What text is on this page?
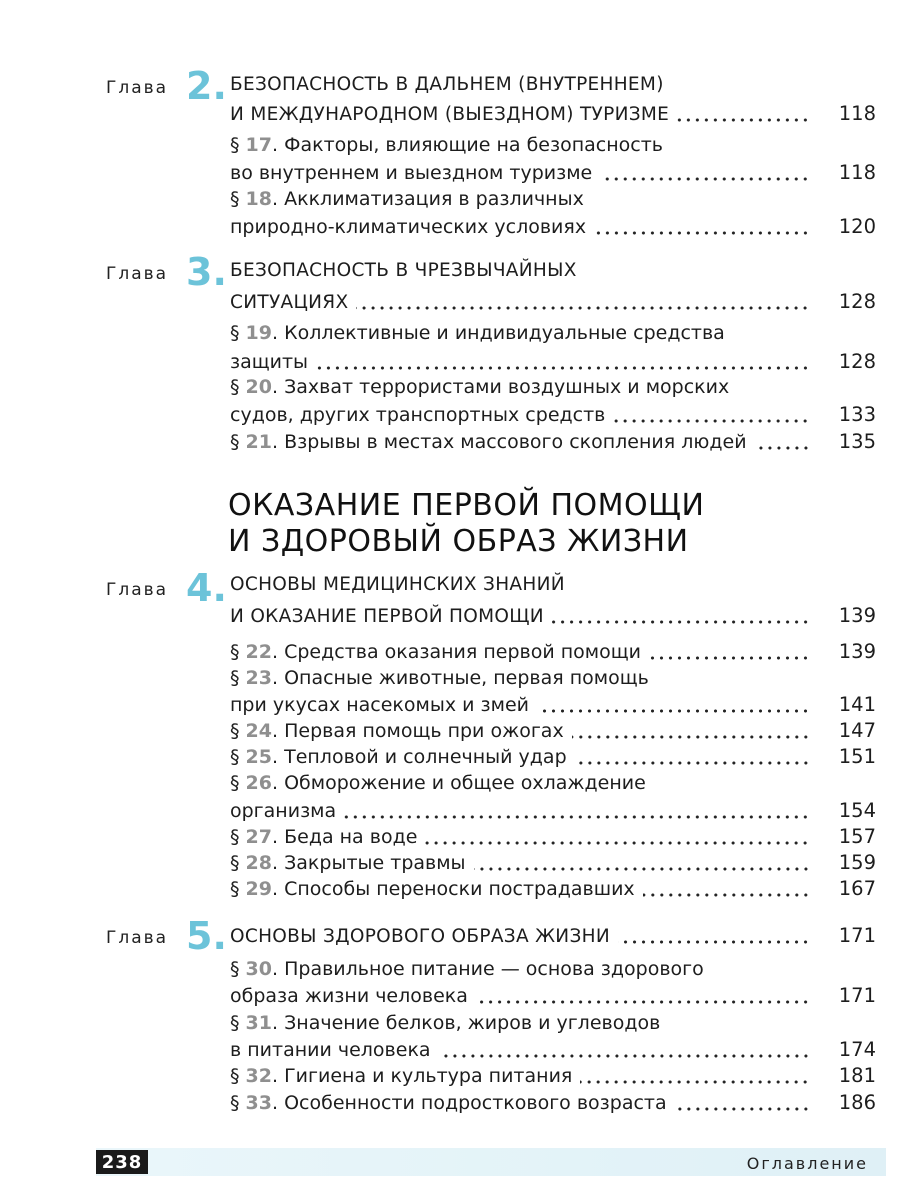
Глава 2. БЕЗОПАСНОСТЬ В ДАЛЬНЕМ (ВНУТРЕННЕМ)
И МЕЖДУНАРОДНОМ (ВЫЕЗДНОМ) ТУРИЗМЕ	118
§
17 . Факторы, влияющие на безопасность
во внутреннем и выездном туризме	118
§
18 . Акклиматизация в различных
природно-климатических условиях	120
Глава 3. БЕЗОПАСНОСТЬ В ЧРЕЗВЫЧАЙНЫХ
СИТУАЦИЯХ	128
§
19 . Коллективные и индивидуальные средства
защиты	128
§
20 . Захват террористами воздушных и морских
судов, других транспортных средств	133
§
21 . Взрывы в местах массового скопления людей	135
ОКАЗАНИЕ ПЕРВОЙ ПОМОЩИ
И ЗДОРОВЫЙ ОБРАЗ ЖИЗНИ
Глава 4. ОСНОВЫ МЕДИЦИНСКИХ ЗНАНИЙ
И ОКАЗАНИЕ ПЕРВОЙ ПОМОЩИ	139
§
22 . Средства оказания первой помощи	139
§
23 . Опасные животные, первая помощь
при укусах насекомых и змей	141
§
24 . Первая помощь при ожогах	147
§
25 . Тепловой и солнечный удар	151
§
26 . Обморожение и общее охлаждение
организма	154
§
27 . Беда на воде	157
§
28 . Закрытые травмы	159
§
29 . Способы переноски пострадавших	167
Глава 5. ОСНОВЫ ЗДОРОВОГО ОБРАЗА ЖИЗНИ	171
§
30 . Правильное питание — основа здорового
образа жизни человека	171
§
31 . Значение белков, жиров и углеводов
в питании человека	174
§
32 . Гигиена и культура питания	181
§
33 . Особенности подросткового возраста	186
238	Оглавление
